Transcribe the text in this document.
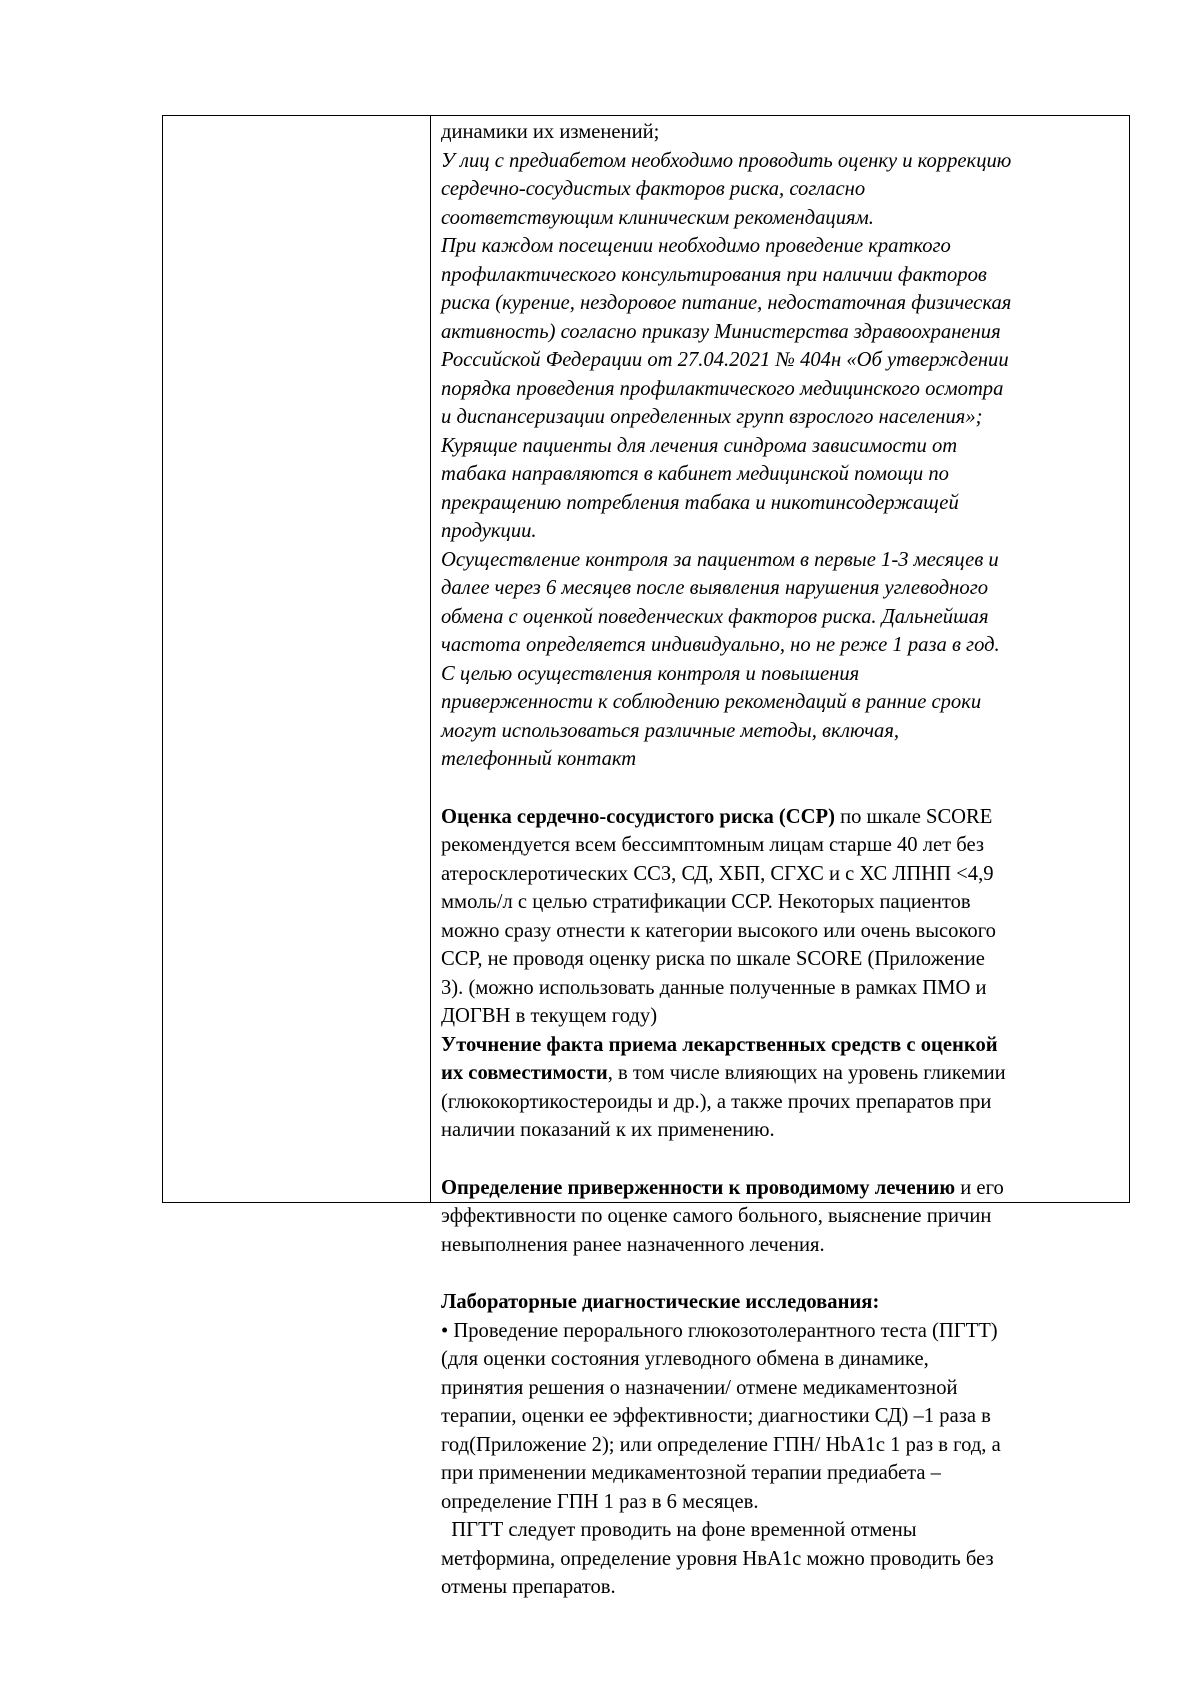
динамики их изменений;
У лиц с предиабетом необходимо проводить оценку и коррекцию
сердечно-сосудистых факторов риска, согласно
соответствующим клиническим рекомендациям.
При каждом посещении необходимо проведение краткого
профилактического консультирования при наличии факторов
риска (курение, нездоровое питание, недостаточная физическая
активность) согласно приказу Министерства здравоохранения
Российской Федерации от 27.04.2021 № 404н «Об утверждении
порядка проведения профилактического медицинского осмотра
и диспансеризации определенных групп взрослого населения»;
Курящие пациенты для лечения синдрома зависимости от
табака направляются в кабинет медицинской помощи по
прекращению потребления табака и никотинсодержащей
продукции.
Осуществление контроля за пациентом в первые 1-3 месяцев и
далее через 6 месяцев после выявления нарушения углеводного
обмена с оценкой поведенческих факторов риска. Дальнейшая
частота определяется индивидуально, но не реже 1 раза в год.
С целью осуществления контроля и повышения
приверженности к соблюдению рекомендаций в ранние сроки
могут использоваться различные методы, включая,
телефонный контакт
Оценка сердечно-сосудистого риска (ССР) по шкале SCORE
рекомендуется всем бессимптомным лицам старше 40 лет без
атеросклеротических ССЗ, СД, ХБП, СГХС и с ХС ЛПНП <4,9
ммоль/л с целью стратификации ССР. Некоторых пациентов
можно сразу отнести к категории высокого или очень высокого
ССР, не проводя оценку риска по шкале SCORE (Приложение
3). (можно использовать данные полученные в рамках ПМО и
ДОГВН в текущем году)
Уточнение факта приема лекарственных средств с оценкой
их совместимости, в том числе влияющих на уровень гликемии
(глюкокортикостероиды и др.), а также прочих препаратов при
наличии показаний к их применению.
Определение приверженности к проводимому лечению и его
эффективности по оценке самого больного, выяснение причин
невыполнения ранее назначенного лечения.
Лабораторные диагностические исследования:
• Проведение перорального глюкозотолерантного теста (ПГТТ)
(для оценки состояния углеводного обмена в динамике,
принятия решения о назначении/ отмене медикаментозной
терапии, оценки ее эффективности; диагностики СД) –1 раза в
год(Приложение 2); или определение ГПН/ HbA1c 1 раз в год, а
при применении медикаментозной терапии предиабета –
определение ГПН 1 раз в 6 месяцев.
ПГТТ следует проводить на фоне временной отмены
метформина, определение уровня НвА1с можно проводить без
отмены препаратов.
